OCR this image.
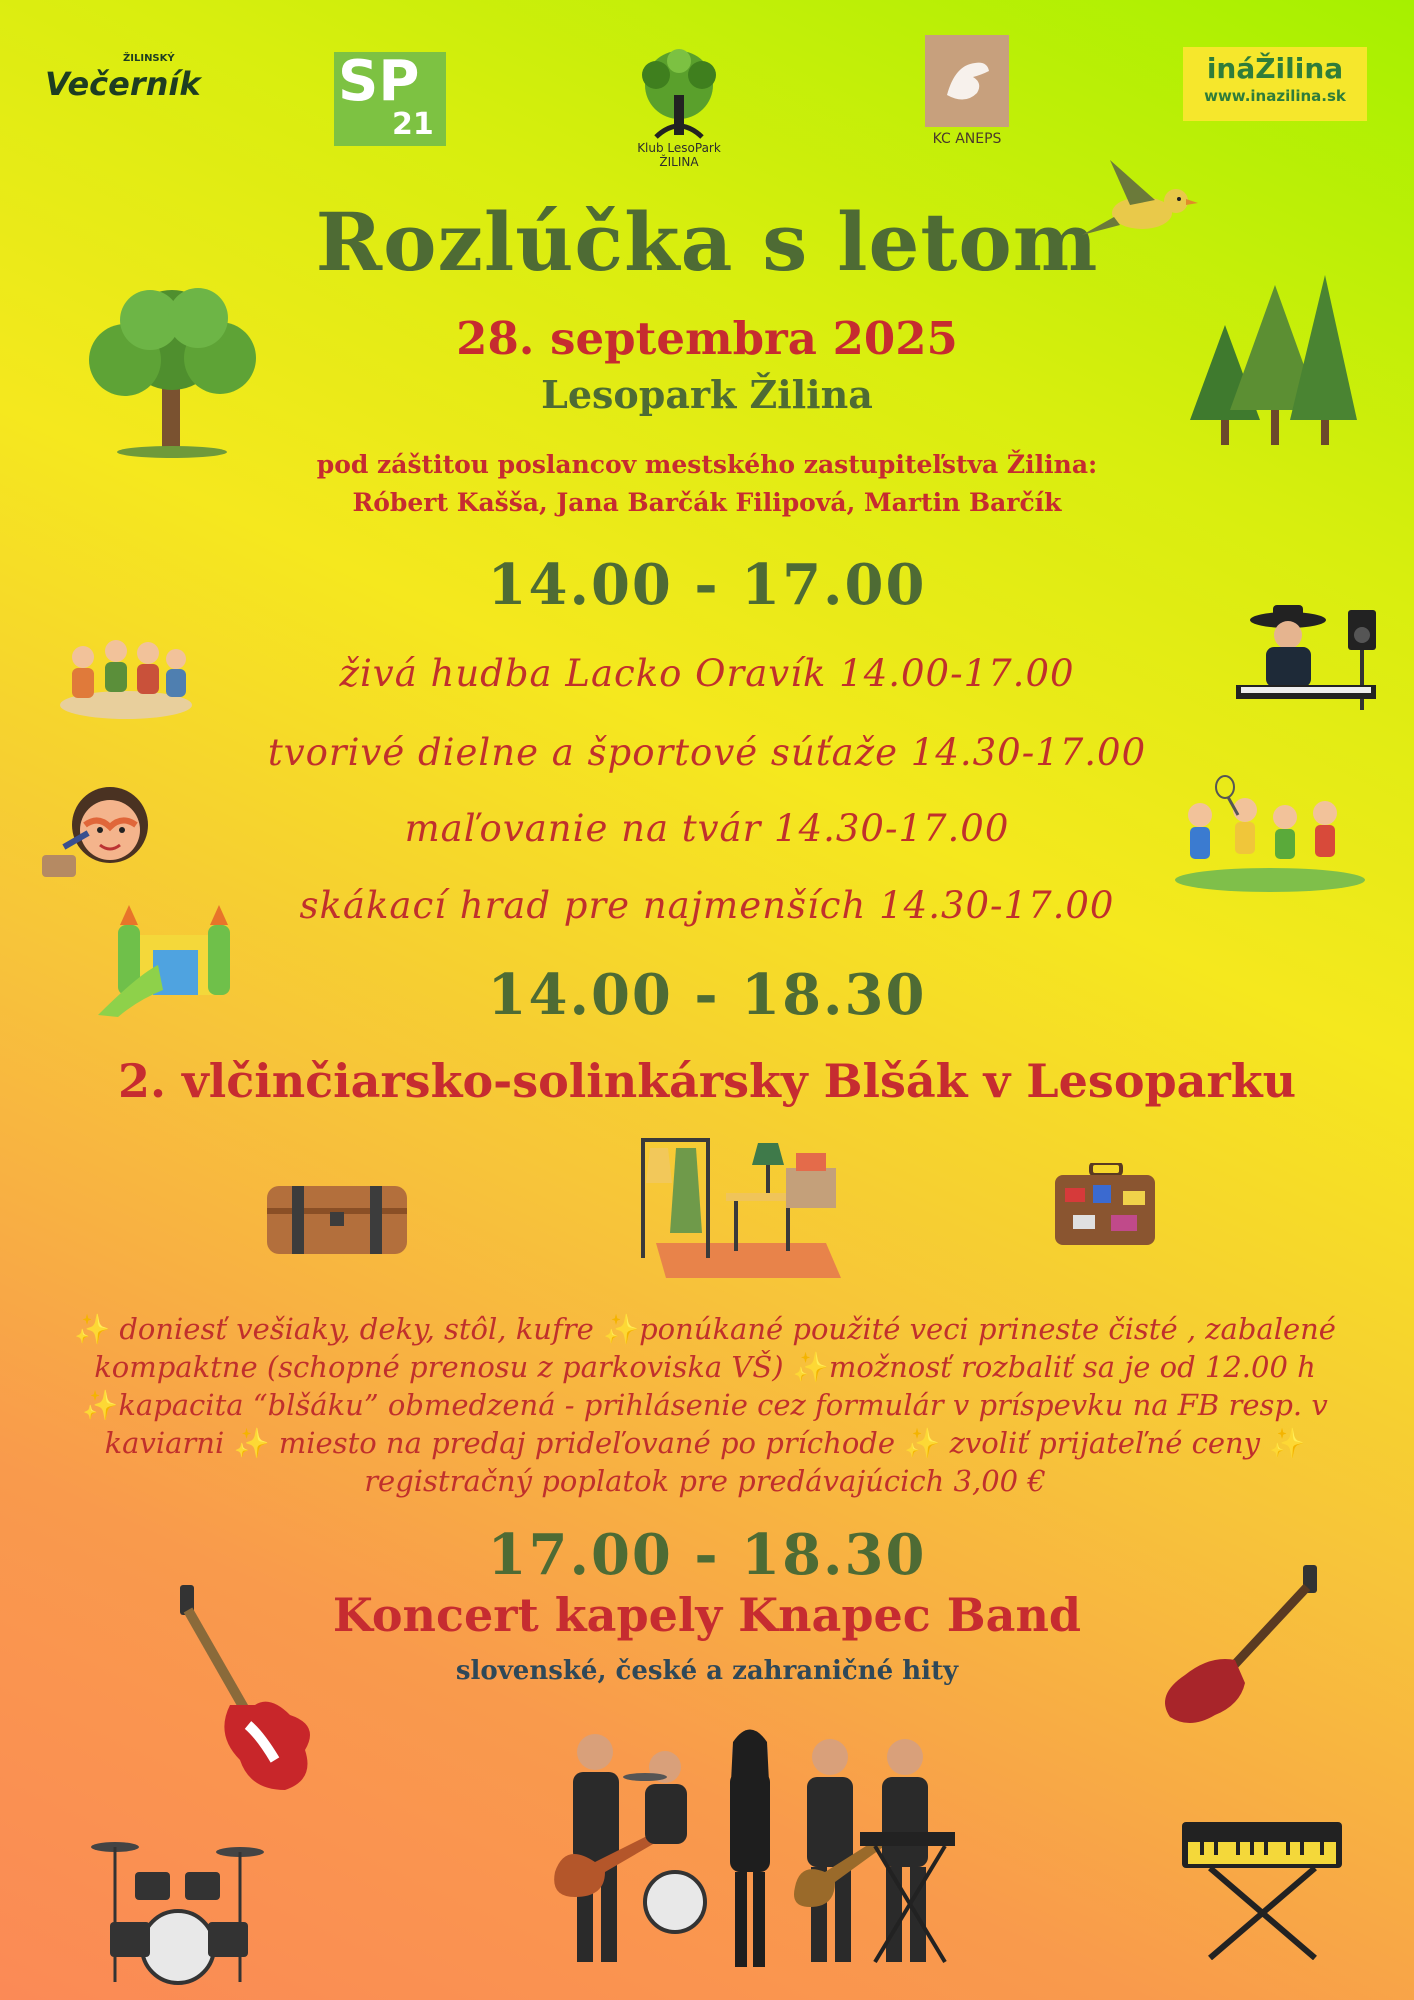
ŽILINSKÝ
Večerník SP
21
Klub LesoPark
ŽILINA
KC ANEPS
ináŽilina
www.inazilina.sk
Rozlúčka s letom
28. septembra 2025
Lesopark Žilina
pod záštitou poslancov mestského zastupiteľstva Žilina:
Róbert Kašša, Jana Barčák Filipová, Martin Barčík
14.00 - 17.00
živá hudba Lacko Oravík 14.00-17.00
tvorivé dielne a športové súťaže 14.30-17.00
maľovanie na tvár 14.30-17.00
skákací hrad pre najmenších 14.30-17.00
14.00 - 18.30
2. vlčinčiarsko-solinkársky Blšák v Lesoparku
✨ doniesť vešiaky, deky, stôl, kufre ✨ponúkané použité veci prineste čisté , zabalené kompaktne (schopné prenosu z parkoviska VŠ) ✨možnosť rozbaliť sa je od 12.00 h ✨kapacita “blšáku” obmedzená - prihlásenie cez formulár v príspevku na FB resp. v kaviarni ✨ miesto na predaj prideľované po príchode ✨ zvoliť prijateľné ceny ✨ registračný poplatok pre predávajúcich 3,00 €
17.00 - 18.30
Koncert kapely Knapec Band
slovenské, české a zahraničné hity
